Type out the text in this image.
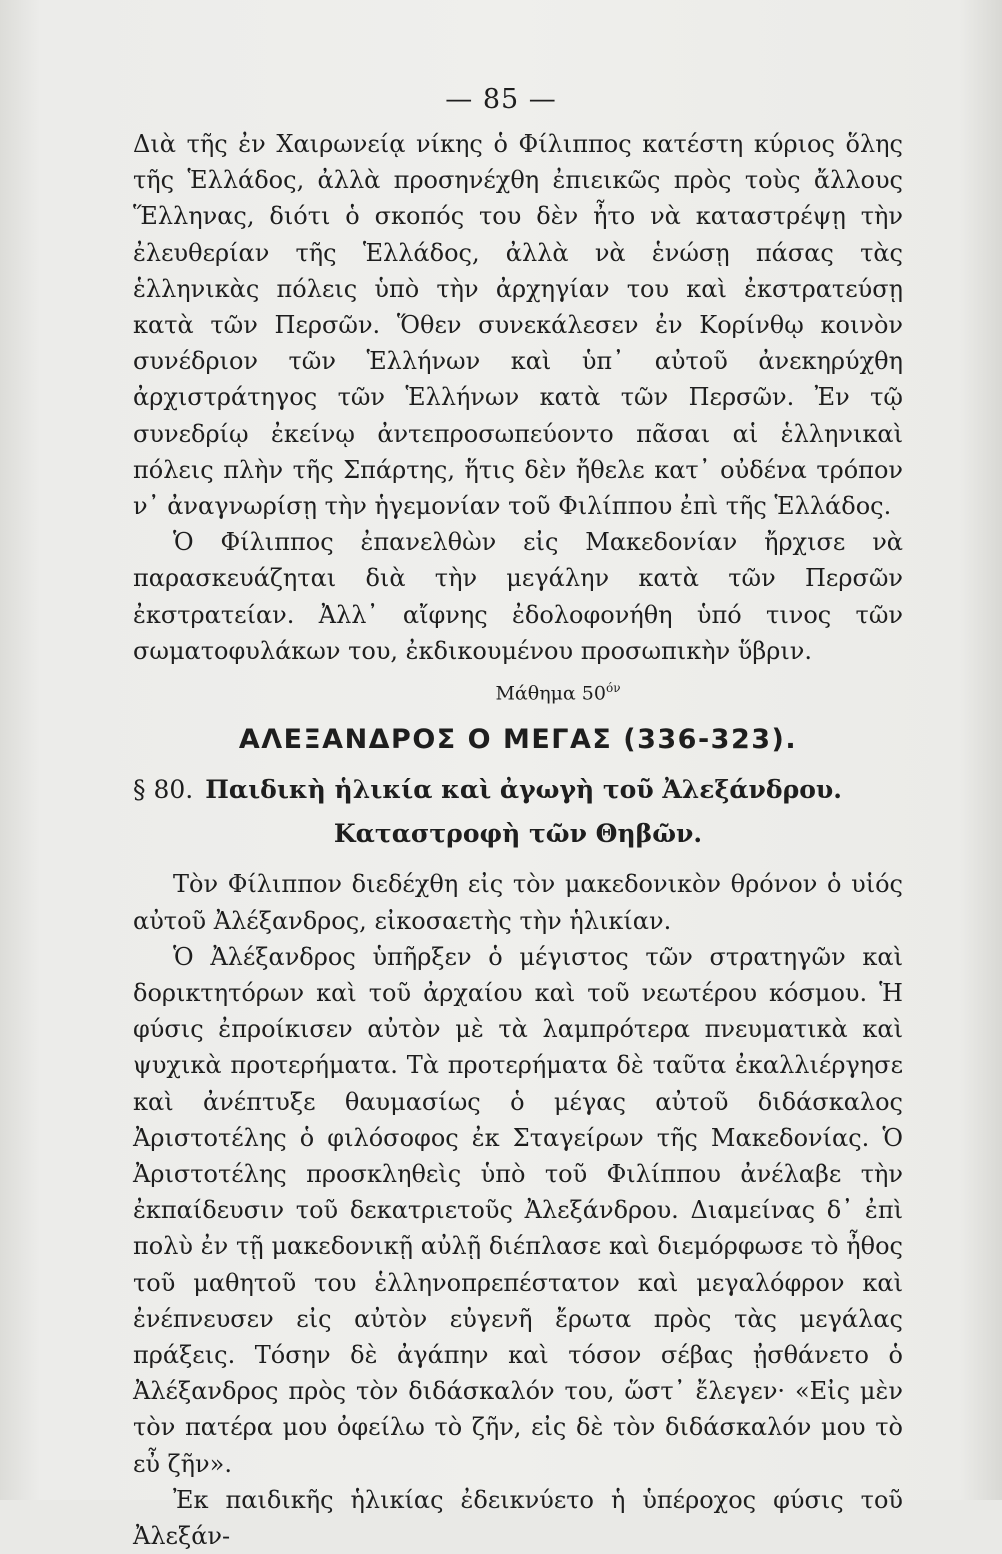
— 85 —

Διὰ τῆς ἐν Χαιρωνείᾳ νίκης ὁ Φίλιππος κατέστη κύριος ὅλης τῆς Ἑλλάδος, ἀλλὰ προσηνέχθη ἐπιεικῶς πρὸς τοὺς ἄλλους Ἕλληνας, διότι ὁ σκοπός του δὲν ἦτο νὰ καταστρέψῃ τὴν ἐλευθερίαν τῆς Ἑλλάδος, ἀλλὰ νὰ ἑνώσῃ πάσας τὰς ἑλληνικὰς πόλεις ὑπὸ τὴν ἀρχηγίαν του καὶ ἐκστρατεύσῃ κατὰ τῶν Περσῶν. Ὅθεν συνεκάλεσεν ἐν Κορίνθῳ κοινὸν συνέδριον τῶν Ἑλλήνων καὶ ὑπ᾿ αὐτοῦ ἀνεκηρύχθη ἀρχιστράτηγος τῶν Ἑλλήνων κατὰ τῶν Περσῶν. Ἐν τῷ συνεδρίῳ ἐκείνῳ ἀντεπροσωπεύοντο πᾶσαι αἱ ἑλληνικαὶ πόλεις πλὴν τῆς Σπάρτης, ἥτις δὲν ἤθελε κατ᾿ οὐδένα τρόπον ν᾿ ἀναγνωρίσῃ τὴν ἡγεμονίαν τοῦ Φιλίππου ἐπὶ τῆς Ἑλλάδος.

Ὁ Φίλιππος ἐπανελθὼν εἰς Μακεδονίαν ἤρχισε νὰ παρασκευάζηται διὰ τὴν μεγάλην κατὰ τῶν Περσῶν ἐκστρατείαν. Ἀλλ᾿ αἴφνης ἐδολοφονήθη ὑπό τινος τῶν σωματοφυλάκων του, ἐκδικουμένου προσωπικὴν ὕβριν.

Μάθημα $50^{ό\nu}$
ΑΛΕΞΑΝΔΡΟΣ Ο ΜΕΓΑΣ (336-323).
§ 80. Παιδικὴ ἡλικία καὶ ἀγωγὴ τοῦ Ἀλεξάνδρου.
Καταστροφὴ τῶν Θηβῶν.

Τὸν Φίλιππον διεδέχθη εἰς τὸν μακεδονικὸν θρόνον ὁ υἱός αὐτοῦ Ἀλέξανδρος, εἰκοσαετὴς τὴν ἡλικίαν.

Ὁ Ἀλέξανδρος ὑπῆρξεν ὁ μέγιστος τῶν στρατηγῶν καὶ δορικτητόρων καὶ τοῦ ἀρχαίου καὶ τοῦ νεωτέρου κόσμου. Ἡ φύσις ἐπροίκισεν αὐτὸν μὲ τὰ λαμπρότερα πνευματικὰ καὶ ψυχικὰ προτερήματα. Τὰ προτερήματα δὲ ταῦτα ἐκαλλιέργησε καὶ ἀνέπτυξε θαυμασίως ὁ μέγας αὐτοῦ διδάσκαλος Ἀριστοτέλης ὁ φιλόσοφος ἐκ Σταγείρων τῆς Μακεδονίας. Ὁ Ἀριστοτέλης προσκληθεὶς ὑπὸ τοῦ Φιλίππου ἀνέλαβε τὴν ἐκπαίδευσιν τοῦ δεκατριετοῦς Ἀλεξάνδρου. Διαμείνας δ᾿ ἐπὶ πολὺ ἐν τῇ μακεδονικῇ αὐλῇ διέπλασε καὶ διεμόρφωσε τὸ ἦθος τοῦ μαθητοῦ του ἑλληνοπρεπέστατον καὶ μεγαλόφρον καὶ ἐνέπνευσεν εἰς αὐτὸν εὐγενῆ ἔρωτα πρὸς τὰς μεγάλας πράξεις. Τόσην δὲ ἀγάπην καὶ τόσον σέβας ᾐσθάνετο ὁ Ἀλέξανδρος πρὸς τὸν διδάσκαλόν του, ὥστ᾿ ἔλεγεν· «Εἰς μὲν τὸν πατέρα μου ὀφείλω τὸ ζῆν, εἰς δὲ τὸν διδάσκαλόν μου τὸ εὖ ζῆν».

Ἐκ παιδικῆς ἡλικίας ἐδεικνύετο ἡ ὑπέροχος φύσις τοῦ Ἀλεξάν-
